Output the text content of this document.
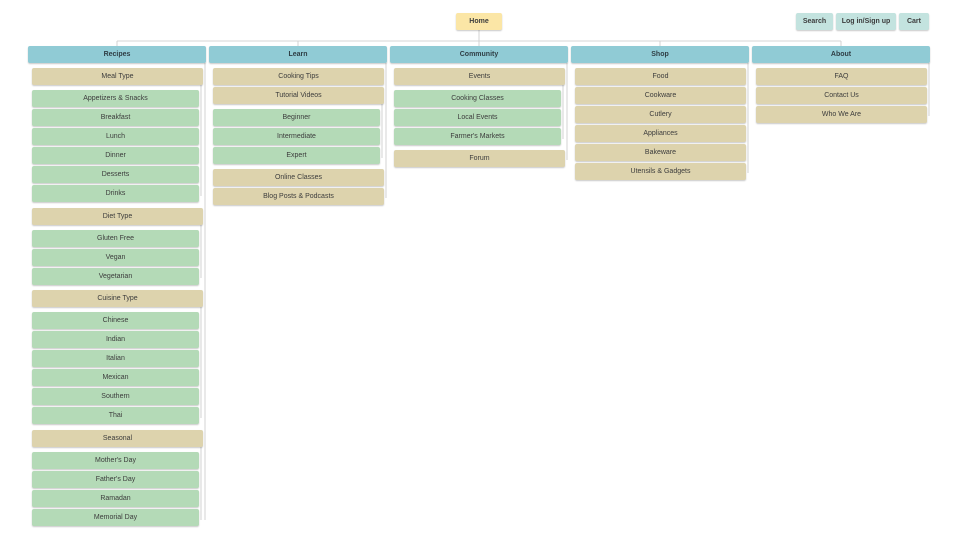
Home	Search	Log in/Sign up	Cart
Recipes
Meal Type
Appetizers & Snacks
Breakfast
Lunch
Dinner
Desserts
Drinks
Diet Type
Gluten Free
Vegan
Vegetarian
Cuisine Type
Chinese
Indian
Italian
Mexican
Southern
Thai
Seasonal
Mother's Day
Father's Day
Ramadan
Memorial Day
Learn
Cooking Tips
Tutorial Videos
Beginner
Intermediate
Expert
Online Classes
Blog Posts & Podcasts
Community
Events
Cooking Classes
Local Events
Farmer's Markets
Forum
Shop
Food
Cookware
Cutlery
Appliances
Bakeware
Utensils & Gadgets
About
FAQ
Contact Us
Who We Are
